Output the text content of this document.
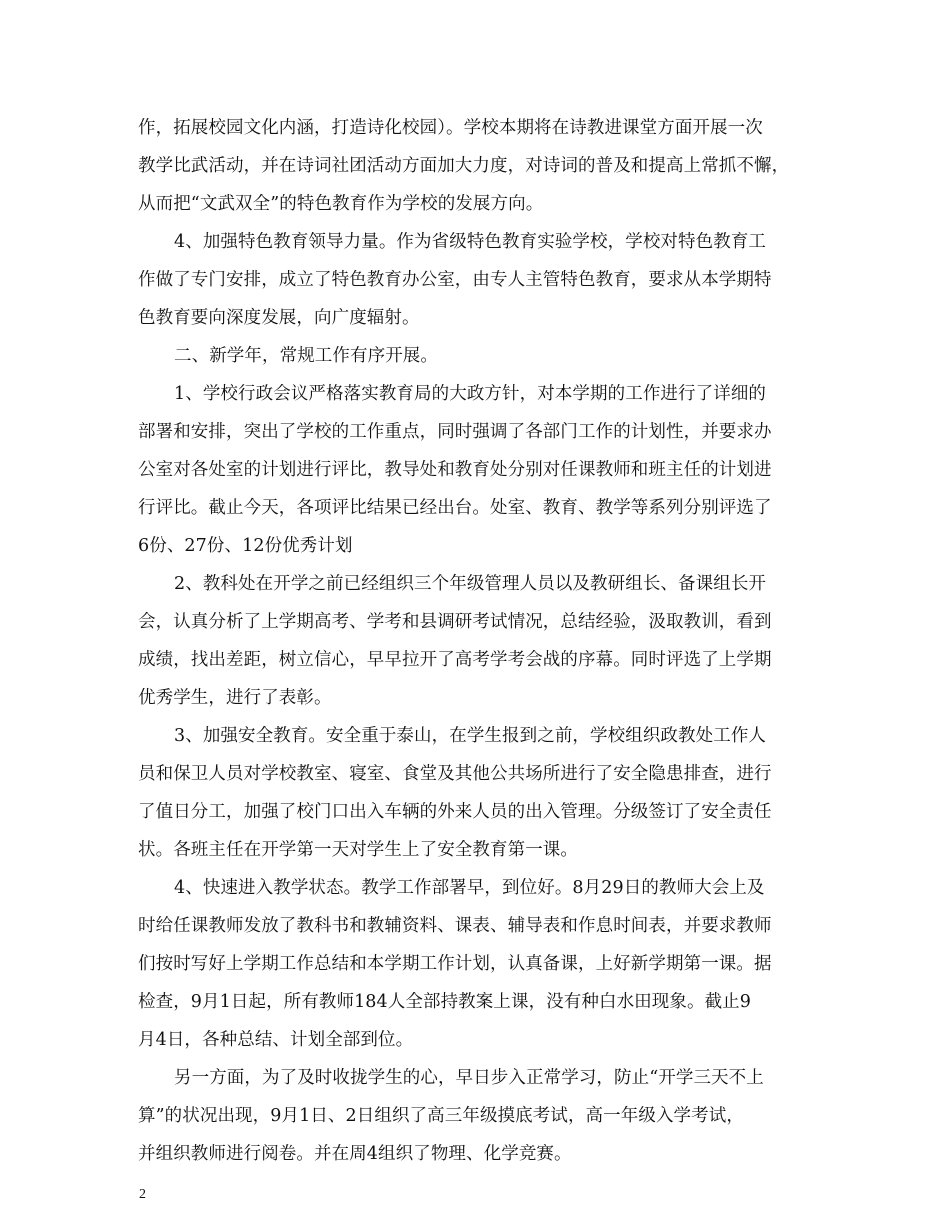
作，拓展校园文化内涵，打造诗化校园）。学校本期将在诗教进课堂方面开展一次
教学比武活动，并在诗词社团活动方面加大力度，对诗词的普及和提高上常抓不懈，
从而把“文武双全”的特色教育作为学校的发展方向。
4、加强特色教育领导力量。作为省级特色教育实验学校，学校对特色教育工
作做了专门安排，成立了特色教育办公室，由专人主管特色教育，要求从本学期特
色教育要向深度发展，向广度辐射。
二、新学年，常规工作有序开展。
1、学校行政会议严格落实教育局的大政方针，对本学期的工作进行了详细的
部署和安排，突出了学校的工作重点，同时强调了各部门工作的计划性，并要求办
公室对各处室的计划进行评比，教导处和教育处分别对任课教师和班主任的计划进
行评比。截止今天，各项评比结果已经出台。处室、教育、教学等系列分别评选了
6份、27份、12份优秀计划
2、教科处在开学之前已经组织三个年级管理人员以及教研组长、备课组长开
会，认真分析了上学期高考、学考和县调研考试情况，总结经验，汲取教训，看到
成绩，找出差距，树立信心，早早拉开了高考学考会战的序幕。同时评选了上学期
优秀学生，进行了表彰。
3、加强安全教育。安全重于泰山，在学生报到之前，学校组织政教处工作人
员和保卫人员对学校教室、寝室、食堂及其他公共场所进行了安全隐患排查，进行
了值日分工，加强了校门口出入车辆的外来人员的出入管理。分级签订了安全责任
状。各班主任在开学第一天对学生上了安全教育第一课。
4、快速进入教学状态。教学工作部署早，到位好。8月29日的教师大会上及
时给任课教师发放了教科书和教辅资料、课表、辅导表和作息时间表，并要求教师
们按时写好上学期工作总结和本学期工作计划，认真备课，上好新学期第一课。据
检查，9月1日起，所有教师184人全部持教案上课，没有种白水田现象。截止9
月4日，各种总结、计划全部到位。
另一方面，为了及时收拢学生的心，早日步入正常学习，防止“开学三天不上
算”的状况出现，9月1日、2日组织了高三年级摸底考试，高一年级入学考试，
并组织教师进行阅卷。并在周4组织了物理、化学竞赛。
2
